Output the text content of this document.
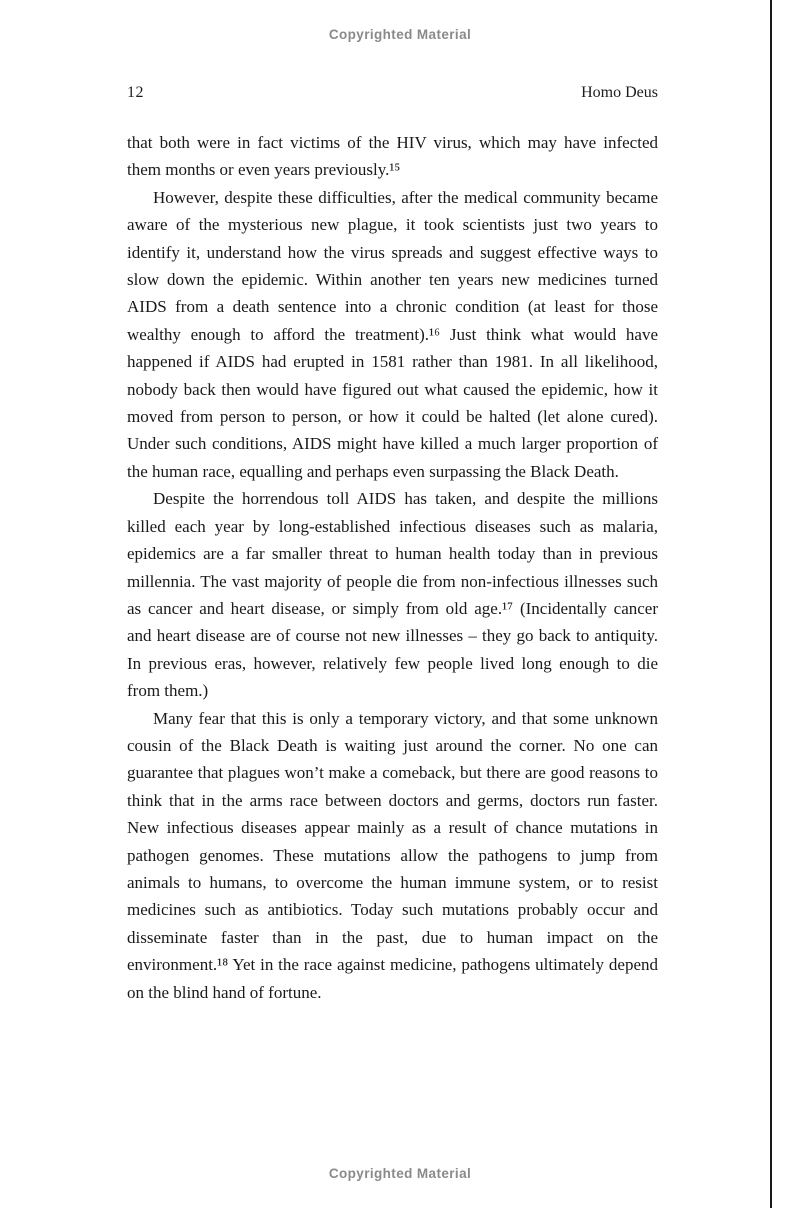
Copyrighted Material
12	Homo Deus

that both were in fact victims of the HIV virus, which may have infected them months or even years previously.¹⁵

However, despite these difficulties, after the medical community became aware of the mysterious new plague, it took scientists just two years to identify it, understand how the virus spreads and suggest effective ways to slow down the epidemic. Within another ten years new medicines turned AIDS from a death sentence into a chronic condition (at least for those wealthy enough to afford the treatment).¹⁶ Just think what would have happened if AIDS had erupted in 1581 rather than 1981. In all likelihood, nobody back then would have figured out what caused the epidemic, how it moved from person to person, or how it could be halted (let alone cured). Under such conditions, AIDS might have killed a much larger proportion of the human race, equalling and perhaps even surpassing the Black Death.

Despite the horrendous toll AIDS has taken, and despite the millions killed each year by long-established infectious diseases such as malaria, epidemics are a far smaller threat to human health today than in previous millennia. The vast majority of people die from non-infectious illnesses such as cancer and heart disease, or simply from old age.¹⁷ (Incidentally cancer and heart disease are of course not new illnesses – they go back to antiquity. In previous eras, however, relatively few people lived long enough to die from them.)

Many fear that this is only a temporary victory, and that some unknown cousin of the Black Death is waiting just around the corner. No one can guarantee that plagues won’t make a comeback, but there are good reasons to think that in the arms race between doctors and germs, doctors run faster. New infectious diseases appear mainly as a result of chance mutations in pathogen genomes. These mutations allow the pathogens to jump from animals to humans, to overcome the human immune system, or to resist medicines such as antibiotics. Today such mutations probably occur and disseminate faster than in the past, due to human impact on the environment.¹⁸ Yet in the race against medicine, pathogens ultimately depend on the blind hand of fortune.

Copyrighted Material
